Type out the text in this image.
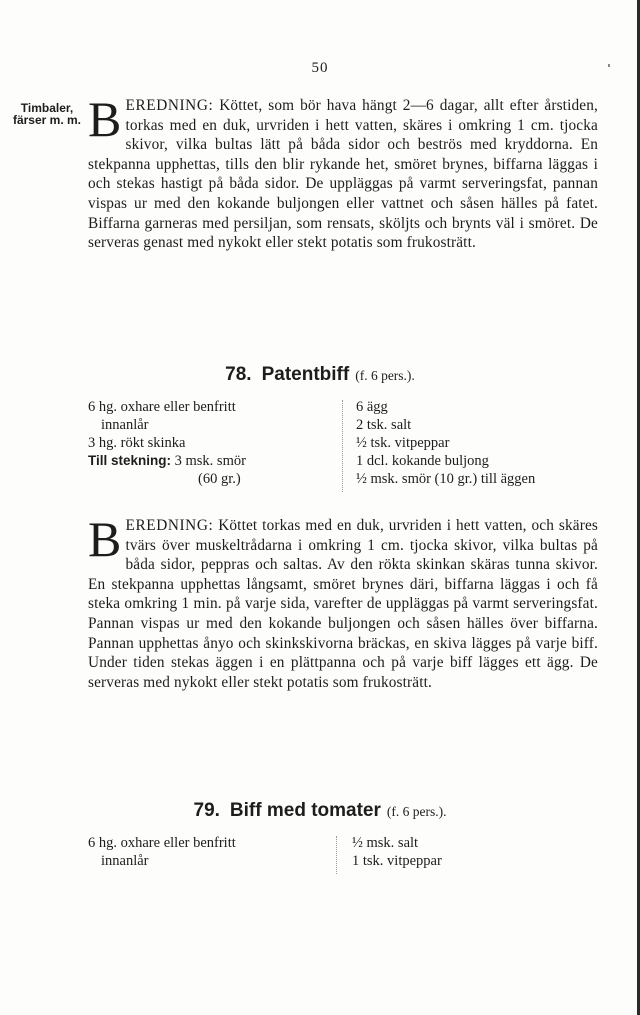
50
Timbaler,
färser m. m. BEREDNING: Köttet, som bör hava hängt 2—6 dagar, allt efter årstiden, torkas med en duk, urvriden i hett vatten, skäres i omkring 1 cm. tjocka skivor, vilka bultas lätt på båda sidor och beströs med kryddorna. En stekpanna upphettas, tills den blir rykande het, smöret brynes, biffarna läggas i och stekas hastigt på båda sidor. De uppläggas på varmt serveringsfat, pannan vispas ur med den kokande buljongen eller vattnet och såsen hälles på fatet. Biffarna garneras med persiljan, som rensats, sköljts och brynts väl i smöret. De serveras genast med nykokt eller stekt potatis som frukosträtt.
78. Patentbiff (f. 6 pers.).
6 hg. oxhare eller benfritt
innanlår
3 hg. rökt skinka
Till stekning: 3 msk. smör
(60 gr.)
6 ägg
2 tsk. salt
½ tsk. vitpeppar
1 dcl. kokande buljong
½ msk. smör (10 gr.) till äggen
BEREDNING: Köttet torkas med en duk, urvriden i hett vatten, och skäres tvärs över muskeltrådarna i omkring 1 cm. tjocka skivor, vilka bultas på båda sidor, peppras och saltas. Av den rökta skinkan skäras tunna skivor. En stekpanna upphettas långsamt, smöret brynes däri, biffarna läggas i och få steka omkring 1 min. på varje sida, varefter de uppläggas på varmt serveringsfat. Pannan vispas ur med den kokande buljongen och såsen hälles över biffarna. Pannan upphettas ånyo och skinkskivorna bräckas, en skiva lägges på varje biff. Under tiden stekas äggen i en plättpanna och på varje biff lägges ett ägg. De serveras med nykokt eller stekt potatis som frukosträtt.
79. Biff med tomater (f. 6 pers.).
6 hg. oxhare eller benfritt
innanlår
½ msk. salt
1 tsk. vitpeppar
